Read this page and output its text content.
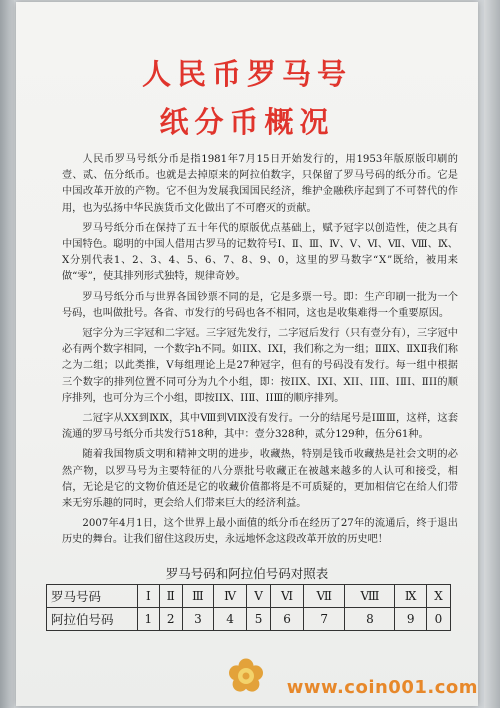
人民币罗马号
纸分币概况

人民币罗马号纸分币是指1981年7月15日开始发行的，用1953年版原版印刷的壹、贰、伍分纸币。也就是去掉原来的阿拉伯数字，只保留了罗马号码的纸分币。它是中国改革开放的产物。它不但为发展我国国民经济，维护金融秩序起到了不可替代的作用，也为弘扬中华民族货币文化做出了不可磨灭的贡献。

罗马号纸分币在保持了五十年代的原版优点基础上，赋予冠字以创造性，使之具有中国特色。聪明的中国人借用古罗马的记数符号Ⅰ、Ⅱ、Ⅲ、Ⅳ、Ⅴ、Ⅵ、Ⅶ、Ⅷ、Ⅸ、Ⅹ分别代表1、2、3、4、5、6、7、8、9、0，这里的罗马数字“Ⅹ”既给，被用来做“零”，使其排列形式独特，规律奇妙。

罗马号纸分币与世界各国钞票不同的是，它是多票一号。即：生产印刷一批为一个号码，也叫做批号。各省、市发行的号码也各不相同，这也是收集难得一个重要原因。

冠字分为三字冠和二字冠。三字冠先发行，二字冠后发行（只有壹分有），三字冠中必有两个数字相同，一个数字h不同。如ⅠⅠⅩ、ⅠⅩⅠ，我们称之为一组；ⅡⅡⅩ、ⅡⅩⅡ我们称之为二组；以此类推，Ⅴ每组理论上是27种冠字，但有的号码没有发行。每一组中根据三个数字的排列位置不同可分为九个小组，即：按ⅠⅠⅩ、ⅠⅩⅠ、ⅩⅠⅠ、ⅠⅠⅡ、ⅠⅡⅠ、ⅡⅠⅠ的顺序排列，也可分为三个小组，即按ⅠⅠⅩ、ⅠⅠⅡ、ⅠⅠⅢ的顺序排列。

二冠字从ⅩⅩ到ⅨⅨ，其中Ⅷ到ⅥⅨ没有发行。一分的结尾号是ⅠⅢⅢ，这样，这套流通的罗马号纸分币共发行518种，其中：壹分328种，贰分129种，伍分61种。

随着我国物质文明和精神文明的进步，收藏热，特别是钱币收藏热是社会文明的必然产物，以罗马号为主要特征的八分票批号收藏正在被越来越多的人认可和接受，相信，无论是它的文物价值还是它的收藏价值都将是不可质疑的，更加相信它在给人们带来无穷乐趣的同时，更会给人们带来巨大的经济利益。

2007年4月1日，这个世界上最小面值的纸分币在经历了27年的流通后，终于退出历史的舞台。让我们留住这段历史，永远地怀念这段改革开放的历史吧！

罗马号码和阿拉伯号码对照表
罗马号码	Ⅰ	Ⅱ	Ⅲ	Ⅳ	Ⅴ	Ⅵ	Ⅶ	Ⅷ	Ⅸ	Ⅹ
阿拉伯号码	1	2	3	4	5	6	7	8	9	0
www.coin001.com
